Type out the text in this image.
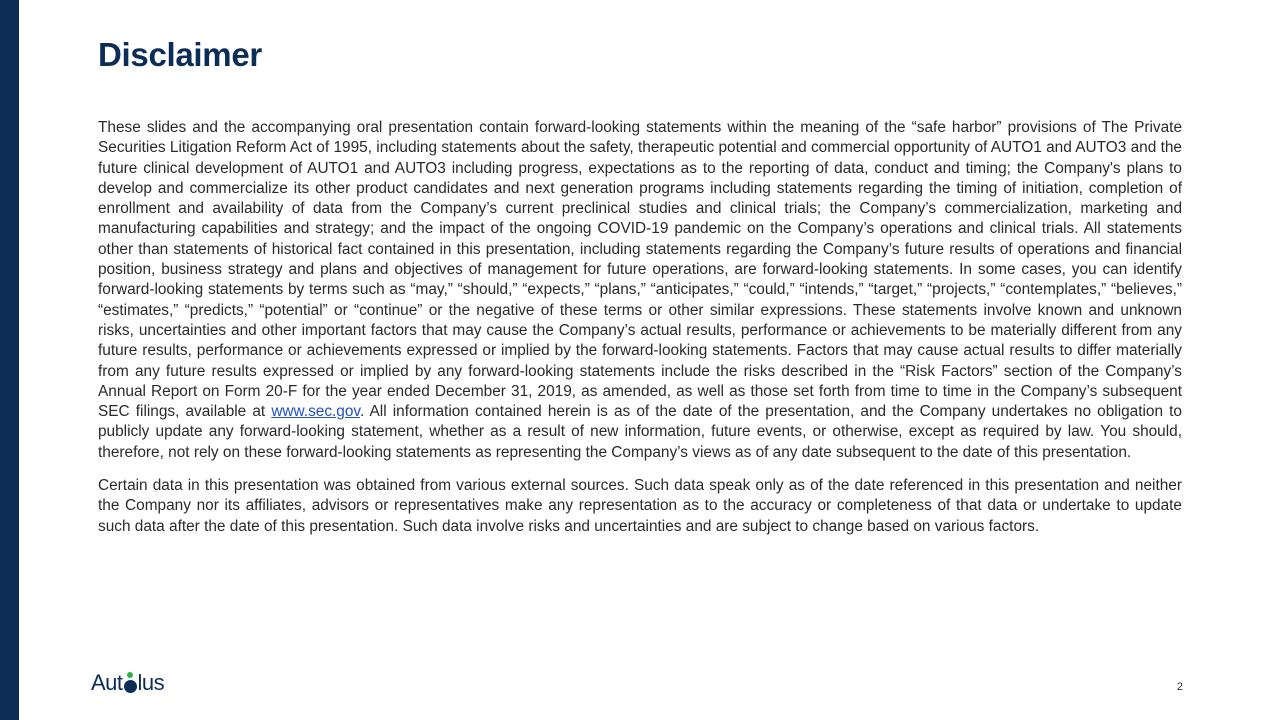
Disclaimer

These slides and the accompanying oral presentation contain forward-looking statements within the meaning of the “safe harbor” provisions of The Private Securities Litigation Reform Act of 1995, including statements about the safety, therapeutic potential and commercial opportunity of AUTO1 and AUTO3 and the future clinical development of AUTO1 and AUTO3 including progress, expectations as to the reporting of data, conduct and timing; the Company's plans to develop and commercialize its other product candidates and next generation programs including statements regarding the timing of initiation, completion of enrollment and availability of data from the Company’s current preclinical studies and clinical trials; the Company’s commercialization, marketing and manufacturing capabilities and strategy; and the impact of the ongoing COVID-19 pandemic on the Company’s operations and clinical trials. All statements other than statements of historical fact contained in this presentation, including statements regarding the Company’s future results of operations and financial position, business strategy and plans and objectives of management for future operations, are forward-looking statements. In some cases, you can identify forward-looking statements by terms such as “may,” “should,” “expects,” “plans,” “anticipates,” “could,” “intends,” “target,” “projects,” “contemplates,” “believes,” “estimates,” “predicts,” “potential” or “continue” or the negative of these terms or other similar expressions. These statements involve known and unknown risks, uncertainties and other important factors that may cause the Company’s actual results, performance or achievements to be materially different from any future results, performance or achievements expressed or implied by the forward-looking statements. Factors that may cause actual results to differ materially from any future results expressed or implied by any forward-looking statements include the risks described in the “Risk Factors” section of the Company’s Annual Report on Form 20-F for the year ended December 31, 2019, as amended, as well as those set forth from time to time in the Company’s subsequent SEC filings, available at www.sec.gov. All information contained herein is as of the date of the presentation, and the Company undertakes no obligation to publicly update any forward-looking statement, whether as a result of new information, future events, or otherwise, except as required by law. You should, therefore, not rely on these forward-looking statements as representing the Company’s views as of any date subsequent to the date of this presentation.

Certain data in this presentation was obtained from various external sources. Such data speak only as of the date referenced in this presentation and neither the Company nor its affiliates, advisors or representatives make any representation as to the accuracy or completeness of that data or undertake to update such data after the date of this presentation. Such data involve risks and uncertainties and are subject to change based on various factors.

Aut lus	2
